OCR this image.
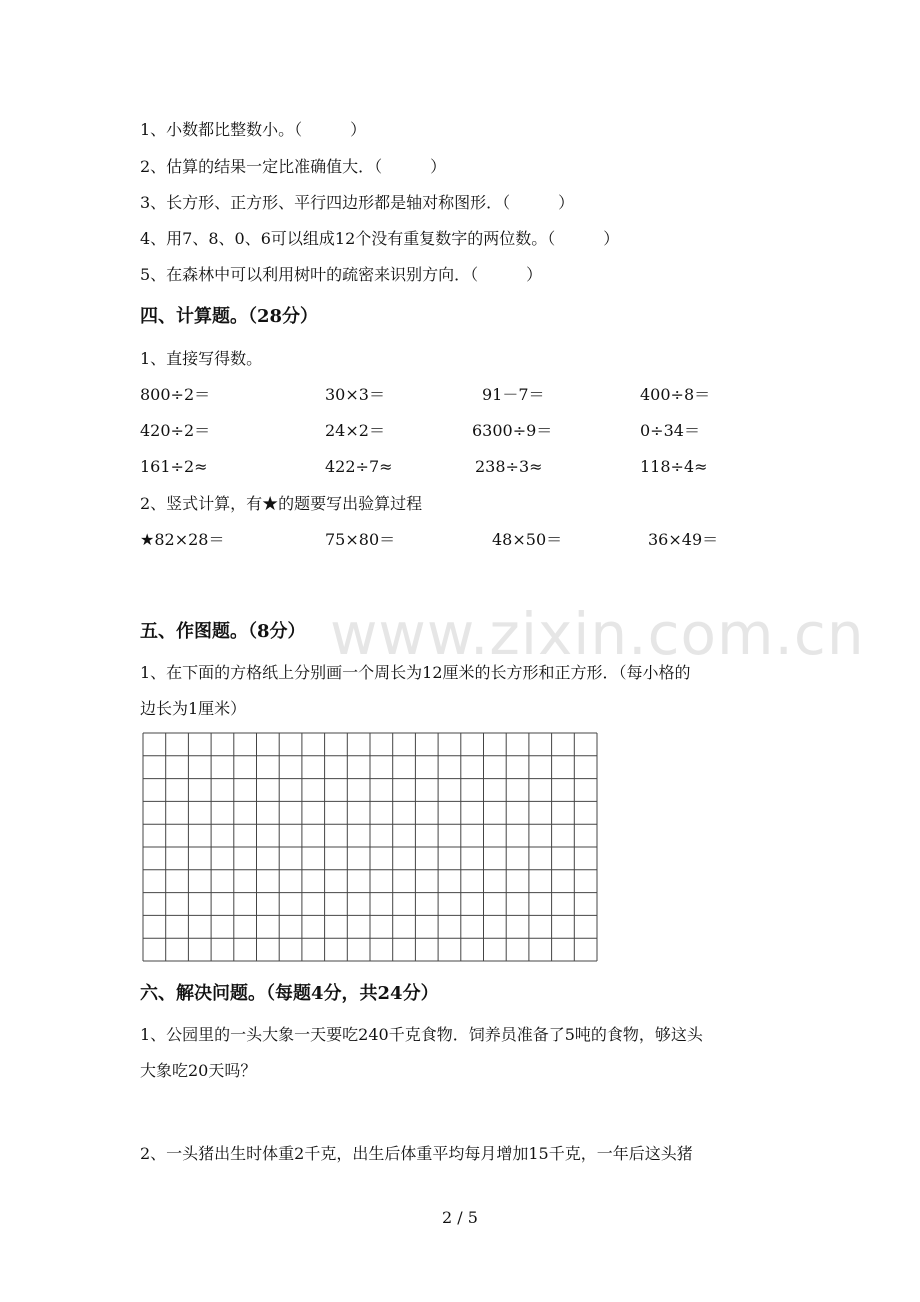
www.zixin.com.cn
1、小数都比整数小。（　　　）
2、估算的结果一定比准确值大．（　　　）
3、长方形、正方形、平行四边形都是轴对称图形．（　　　）
4、用7、8、0、6可以组成12个没有重复数字的两位数。（　　　）
5、在森林中可以利用树叶的疏密来识别方向．（　　　）
四、计算题。（28分）
1、直接写得数。
800÷2＝	30×3＝	91－7＝	400÷8＝
420÷2＝	24×2＝	6300÷9＝	0÷34＝
161÷2≈	422÷7≈	238÷3≈	118÷4≈
2、竖式计算，有★的题要写出验算过程
★82×28＝	75×80＝	48×50＝	36×49＝
五、作图题。（8分）
1、在下面的方格纸上分别画一个周长为12厘米的长方形和正方形．（每小格的
边长为1厘米）
六、解决问题。（每题4分，共24分）
1、公园里的一头大象一天要吃240千克食物．饲养员准备了5吨的食物，够这头
大象吃20天吗？
2、一头猪出生时体重2千克，出生后体重平均每月增加15千克，一年后这头猪
2 / 5
